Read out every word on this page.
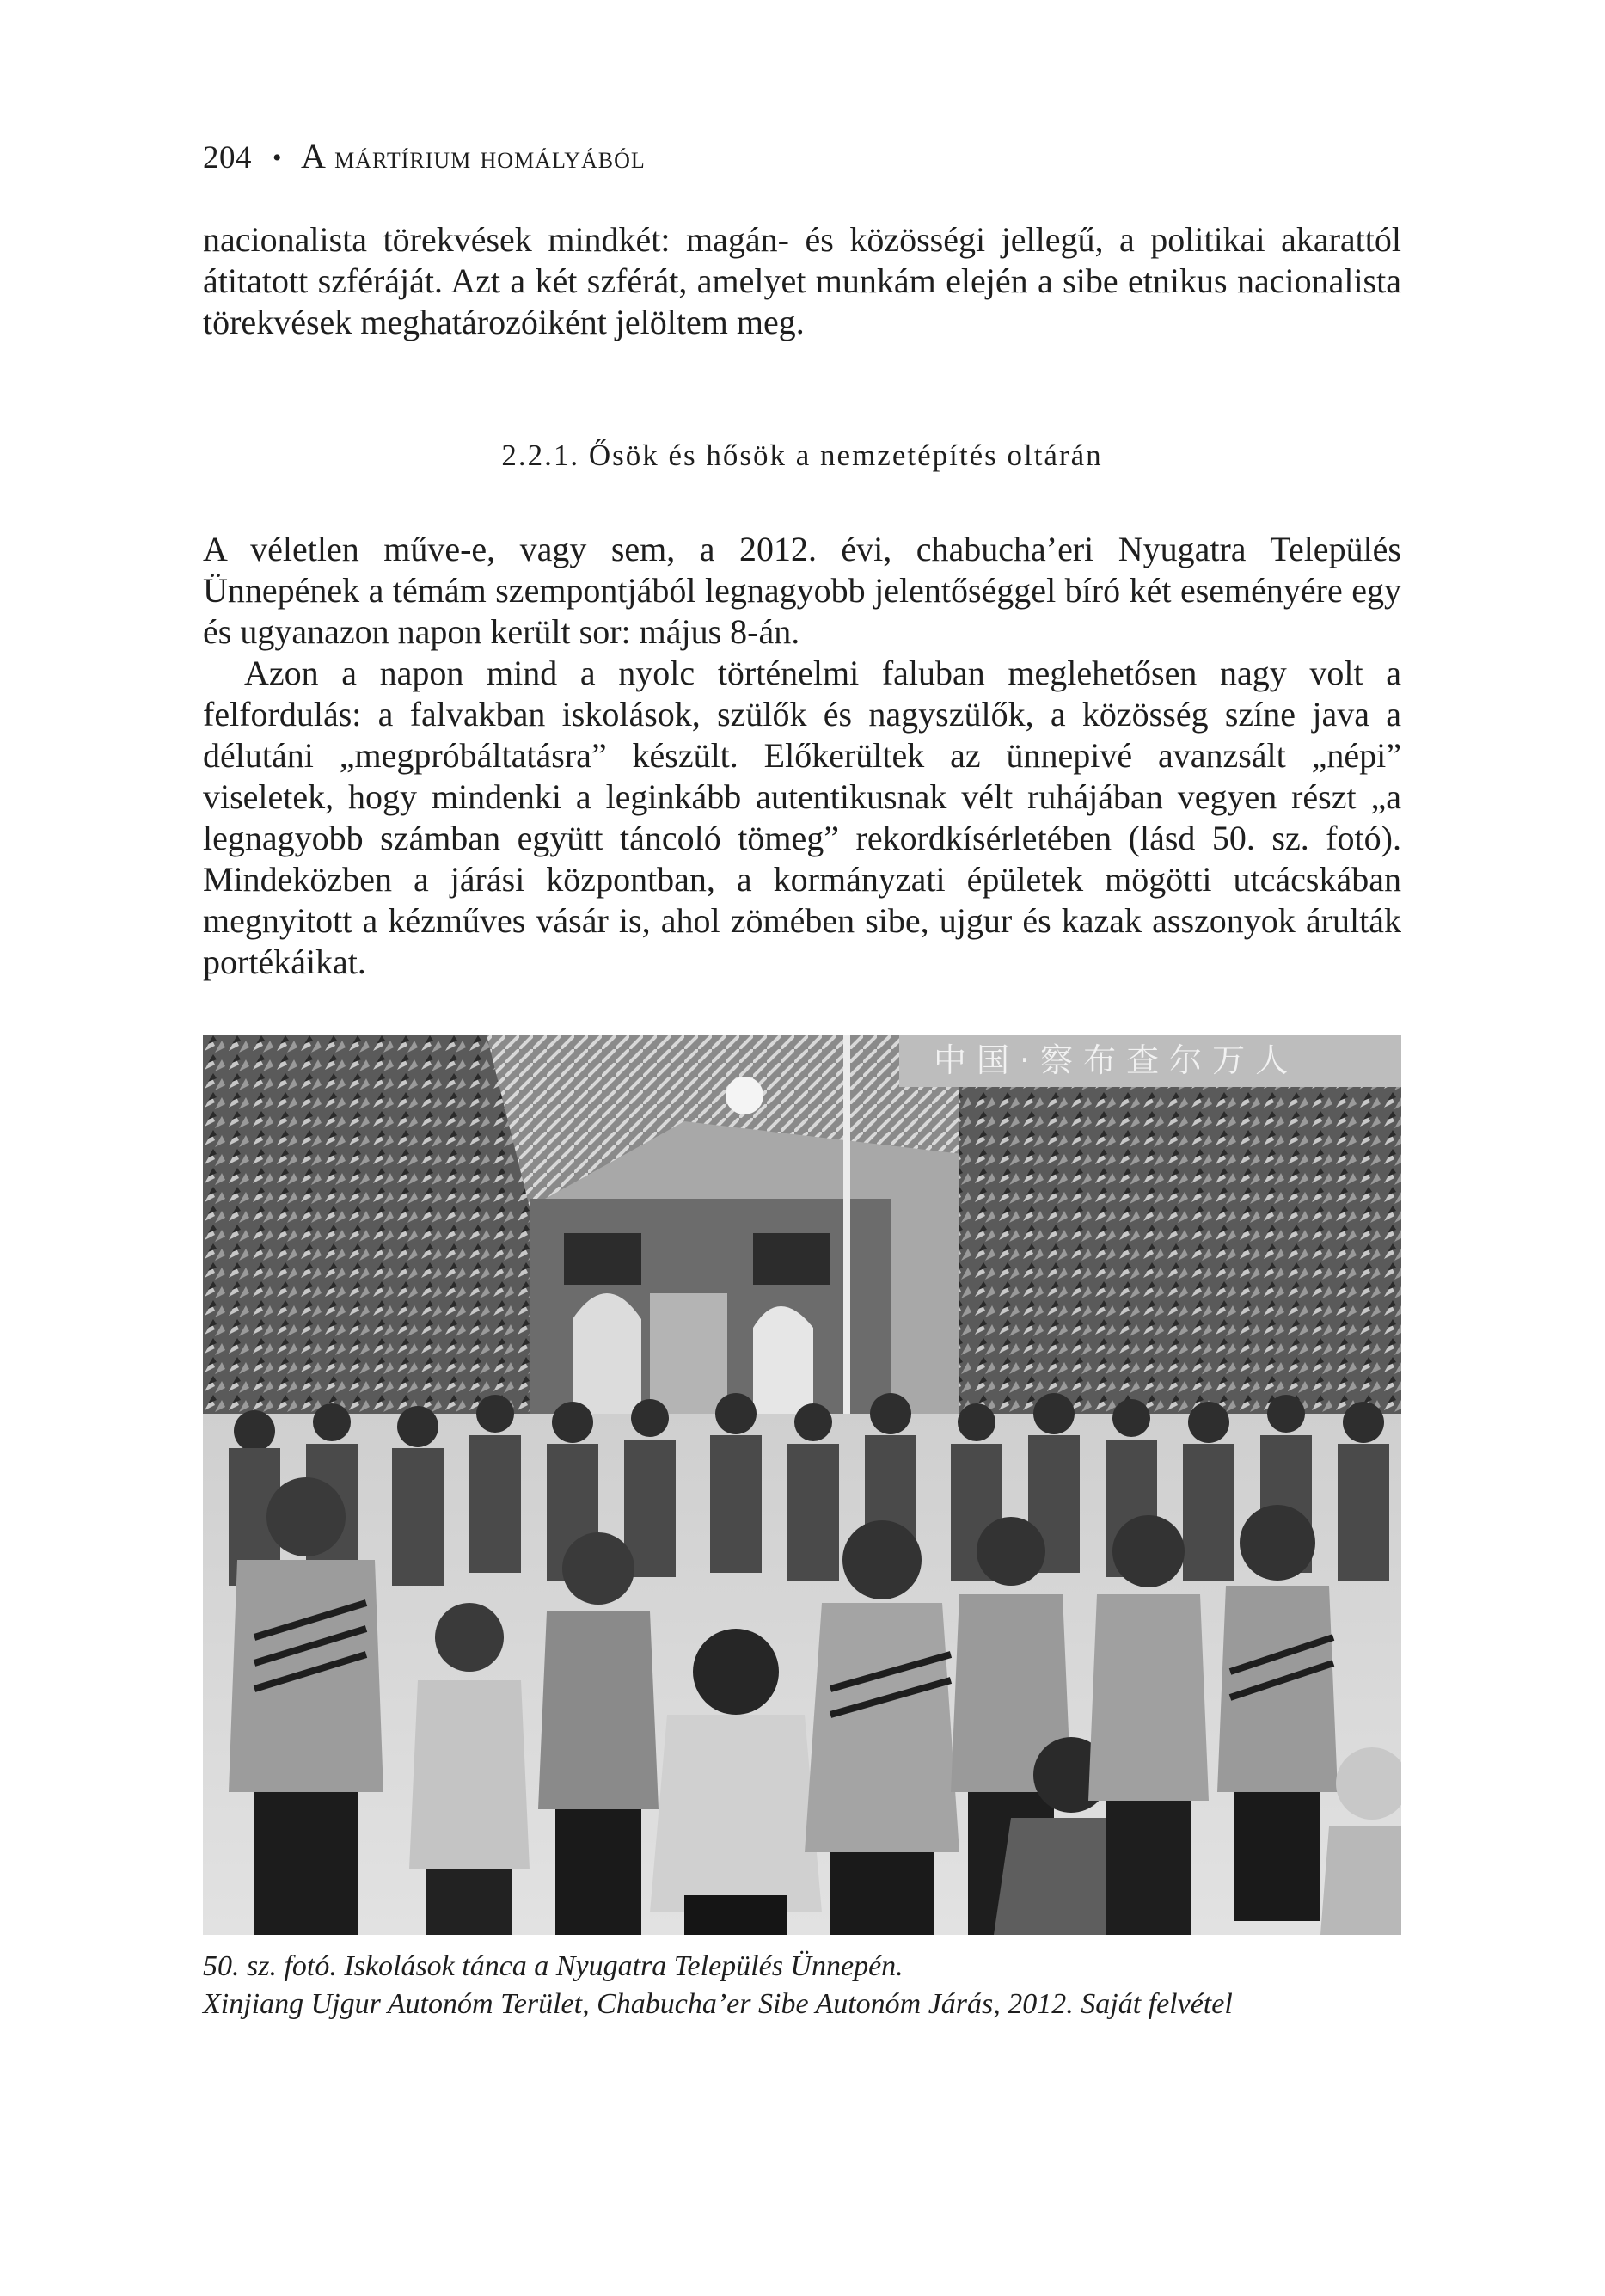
204 • A mártírium homályából

nacionalista törekvések mindkét: magán- és közösségi jellegű, a politikai akarattól átitatott szféráját. Azt a két szférát, amelyet munkám elején a sibe etnikus nacionalista törekvések meghatározóiként jelöltem meg.

2.2.1. Ősök és hősök a nemzetépítés oltárán

A véletlen műve-e, vagy sem, a 2012. évi, chabucha’eri Nyugatra Település Ünnepének a témám szempontjából legnagyobb jelentőséggel bíró két eseményére egy és ugyanazon napon került sor: május 8-án.

Azon a napon mind a nyolc történelmi faluban meglehetősen nagy volt a felfordulás: a falvakban iskolások, szülők és nagyszülők, a közösség színe java a délutáni „megpróbáltatásra” készült. Előkerültek az ünnepivé avanzsált „népi” viseletek, hogy mindenki a leginkább autentikusnak vélt ruhájában vegyen részt „a legnagyobb számban együtt táncoló tömeg” rekordkísérletében (lásd 50. sz. fotó). Mindeközben a járási központban, a kormányzati épületek mögötti utcácskában megnyitott a kézműves vásár is, ahol zömében sibe, ujgur és kazak asszonyok árulták portékáikat.

中国·察布查尔万人
50. sz. fotó. Iskolások tánca a Nyugatra Település Ünnepén.
Xinjiang Ujgur Autonóm Terület, Chabucha’er Sibe Autonóm Járás, 2012. Saját felvétel
